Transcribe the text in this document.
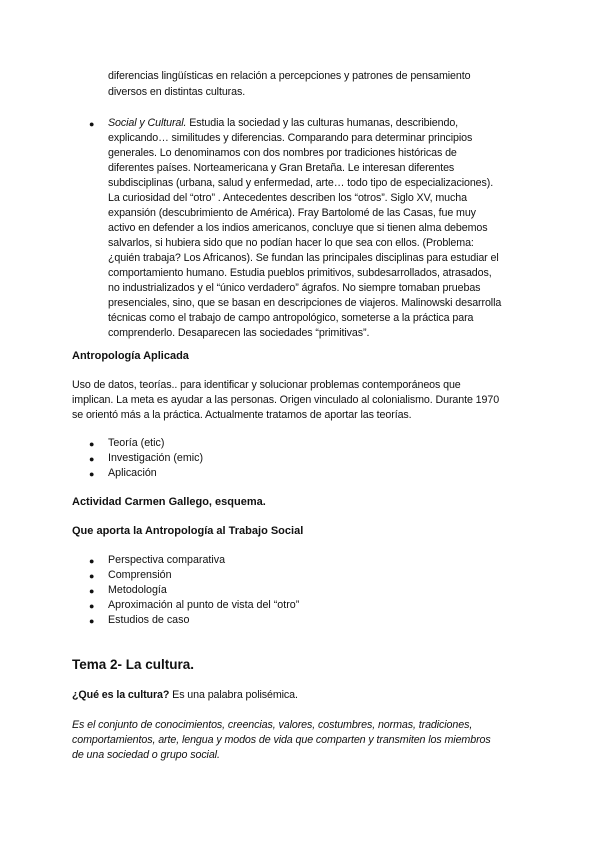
diferencias lingüísticas en relación a percepciones y patrones de pensamiento
diversos en distintas culturas.
● Social y Cultural. Estudia la sociedad y las culturas humanas, describiendo,
explicando… similitudes y diferencias. Comparando para determinar principios
generales. Lo denominamos con dos nombres por tradiciones históricas de
diferentes países. Norteamericana y Gran Bretaña. Le interesan diferentes
subdisciplinas (urbana, salud y enfermedad, arte… todo tipo de especializaciones).
La curiosidad del “otro” . Antecedentes describen los “otros”. Siglo XV, mucha
expansión (descubrimiento de América). Fray Bartolomé de las Casas, fue muy
activo en defender a los indios americanos, concluye que si tienen alma debemos
salvarlos, si hubiera sido que no podían hacer lo que sea con ellos. (Problema:
¿quién trabaja? Los Africanos). Se fundan las principales disciplinas para estudiar el
comportamiento humano. Estudia pueblos primitivos, subdesarrollados, atrasados,
no industrializados y el “único verdadero” ágrafos. No siempre tomaban pruebas
presenciales, sino, que se basan en descripciones de viajeros. Malinowski desarrolla
técnicas como el trabajo de campo antropológico, someterse a la práctica para
comprenderlo. Desaparecen las sociedades “primitivas”.
Antropología Aplicada
Uso de datos, teorías.. para identificar y solucionar problemas contemporáneos que
implican. La meta es ayudar a las personas. Origen vinculado al colonialismo. Durante 1970
se orientó más a la práctica. Actualmente tratamos de aportar las teorías.
● Teoría (etic)
● Investigación (emic)
● Aplicación
Actividad Carmen Gallego, esquema.
Que aporta la Antropología al Trabajo Social
● Perspectiva comparativa
● Comprensión
● Metodología
● Aproximación al punto de vista del “otro”
● Estudios de caso
Tema 2- La cultura.
¿Qué es la cultura? Es una palabra polisémica.
Es el conjunto de conocimientos, creencias, valores, costumbres, normas, tradiciones,
comportamientos, arte, lengua y modos de vida que comparten y transmiten los miembros
de una sociedad o grupo social.
